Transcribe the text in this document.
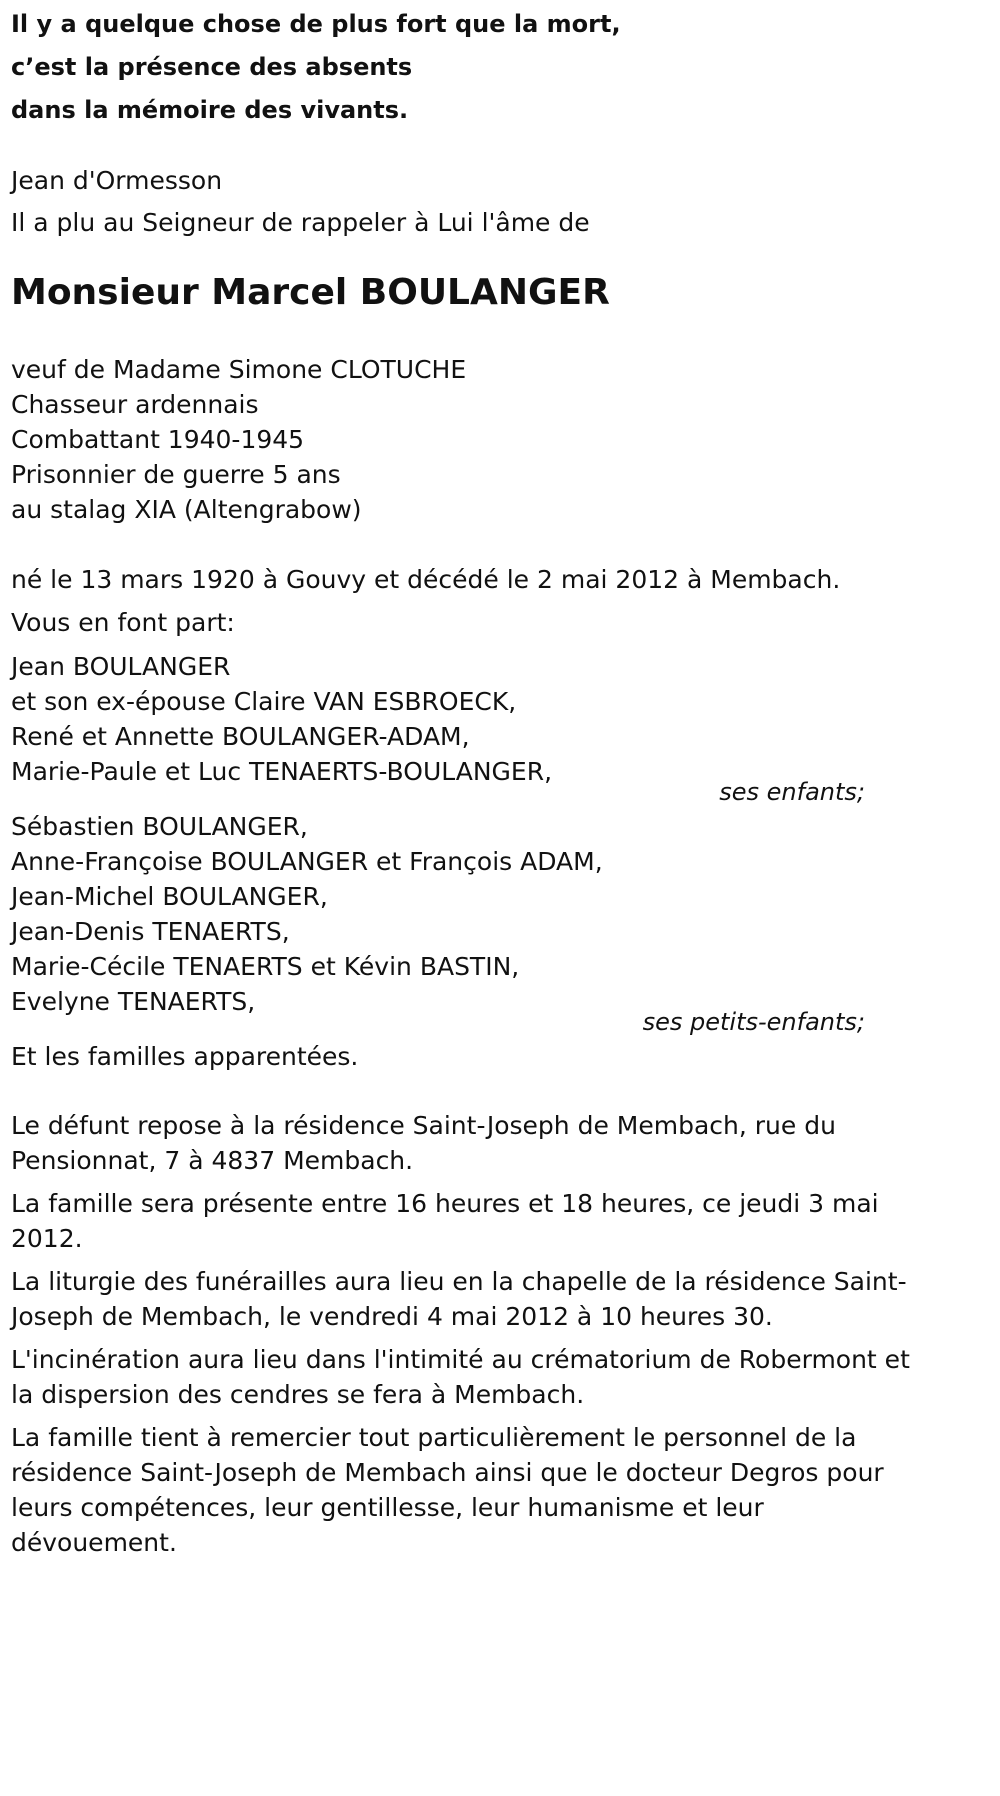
Il y a quelque chose de plus fort que la mort,
c’est la présence des absents
dans la mémoire des vivants.
Jean d'Ormesson
Il a plu au Seigneur de rappeler à Lui l'âme de
Monsieur Marcel BOULANGER
veuf de Madame Simone CLOTUCHE
Chasseur ardennais
Combattant 1940-1945
Prisonnier de guerre 5 ans
au stalag XIA (Altengrabow)
né le 13 mars 1920 à Gouvy et décédé le 2 mai 2012 à Membach.
Vous en font part:
Jean BOULANGER
et son ex-épouse Claire VAN ESBROECK,
René et Annette BOULANGER-ADAM,
Marie-Paule et Luc TENAERTS-BOULANGER,
ses enfants;
Sébastien BOULANGER,
Anne-Françoise BOULANGER et François ADAM,
Jean-Michel BOULANGER,
Jean-Denis TENAERTS,
Marie-Cécile TENAERTS et Kévin BASTIN,
Evelyne TENAERTS,
ses petits-enfants;
Et les familles apparentées.
Le défunt repose à la résidence Saint-Joseph de Membach, rue du
Pensionnat, 7 à 4837 Membach.
La famille sera présente entre 16 heures et 18 heures, ce jeudi 3 mai
2012.
La liturgie des funérailles aura lieu en la chapelle de la résidence Saint-
Joseph de Membach, le vendredi 4 mai 2012 à 10 heures 30.
L'incinération aura lieu dans l'intimité au crématorium de Robermont et
la dispersion des cendres se fera à Membach.
La famille tient à remercier tout particulièrement le personnel de la
résidence Saint-Joseph de Membach ainsi que le docteur Degros pour
leurs compétences, leur gentillesse, leur humanisme et leur
dévouement.
